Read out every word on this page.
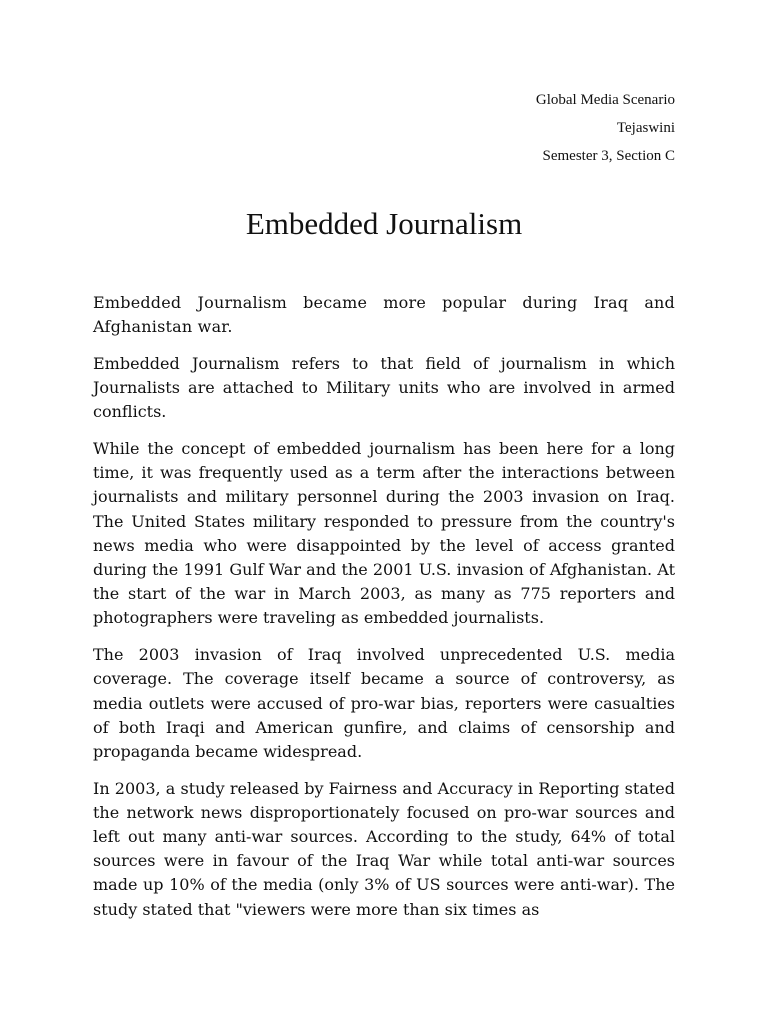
Global Media Scenario
Tejaswini
Semester 3, Section C
Embedded Journalism

Embedded Journalism became more popular during Iraq and Afghanistan war.

Embedded Journalism refers to that field of journalism in which Journalists are attached to Military units who are involved in armed conflicts.

While the concept of embedded journalism has been here for a long time, it was frequently used as a term after the interactions between journalists and military personnel during the 2003 invasion on Iraq. The United States military responded to pressure from the country's news media who were disappointed by the level of access granted during the 1991 Gulf War and the 2001 U.S. invasion of Afghanistan. At the start of the war in March 2003, as many as 775 reporters and photographers were traveling as embedded journalists.

The 2003 invasion of Iraq involved unprecedented U.S. media coverage. The coverage itself became a source of controversy, as media outlets were accused of pro-war bias, reporters were casualties of both Iraqi and American gunfire, and claims of censorship and propaganda became widespread.

In 2003, a study released by Fairness and Accuracy in Reporting stated the network news disproportionately focused on pro-war sources and left out many anti-war sources. According to the study, 64% of total sources were in favour of the Iraq War while total anti-war sources made up 10% of the media (only 3% of US sources were anti-war). The study stated that "viewers were more than six times as
